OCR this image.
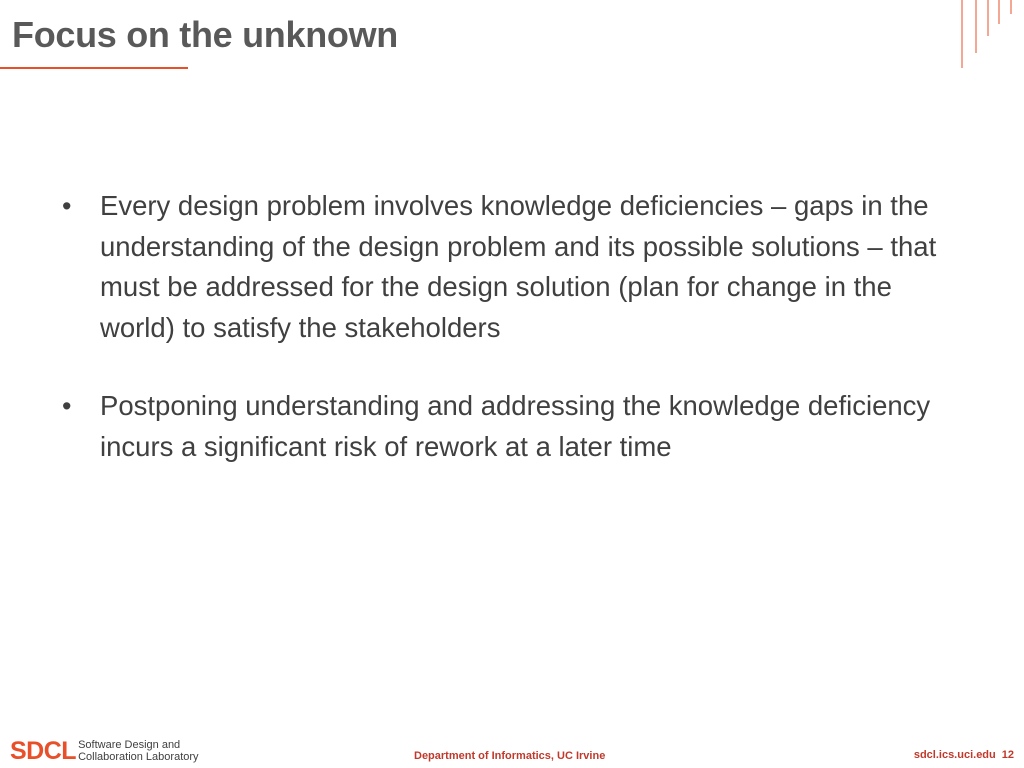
Focus on the unknown
• Every design problem involves knowledge deficiencies – gaps in the understanding of the design problem and its possible solutions – that must be addressed for the design solution (plan for change in the world) to satisfy the stakeholders
• Postponing understanding and addressing the knowledge deficiency incurs a significant risk of rework at a later time
SDCL Software Design and
Collaboration Laboratory	Department of Informatics, UC Irvine	sdcl.ics.uci.edu 12
